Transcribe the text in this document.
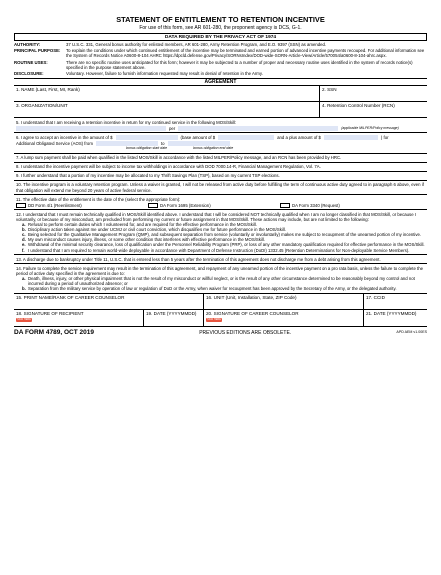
STATEMENT OF ENTITLEMENT TO RETENTION INCENTIVE
For use of this form, see AR 601-280, the proponent agency is DCS, G-1.
DATA REQUIRED BY THE PRIVACY ACT OF 1974
AUTHORITY:	37 U.S.C. 331, General bonus authority for enlisted members, AR 601-280, Army Retention Program, and E.O. 9397 (SSN) as amended.
PRINCIPAL PURPOSE:	To explain the conditions under which continued entitlement of the incentive may be terminated and earned portion of advanced incentive payments recouped. For additional information see the System of Records Notice A0600-8-104 AHRC https://dpcld.defense.gov/Privacy/SORNsIndex/DOD-wide-SORN-Article-View/Article/570054/a0600-8-104-ahrc.aspx.
ROUTINE USES:	There are no specific routine uses anticipated for this form; however it may be subjected to a number of proper and necessary routine uses identified in the system of records notice(s) specified in the purpose statement above.
DISCLOSURE:	Voluntary. However, failure to furnish information requested may result in denial of retention in the Army.
AGREEMENT
1. NAME (Last, First, MI, Rank)	2. SSN
3. ORGANIZATION/UNIT	4. Retention Control Number (RCN)
5. I understand that I am receiving a retention incentive in return for my continued service in the following MOS/Skill:
per	(applicable MILPER/Policy message)
6. I agree to accept an incentive in the amount of $	(base amount of $	and a plus amount of $	) for
Additional Obligated Service (AOS) from	to
bonus obligation start date	bonus obligation end date
7. A lump sum payment shall be paid when qualified in the listed MOS/Skill in accordance with the listed MILPER/Policy message, and an RCN has been provided by HRC.
8. I understand the incentive payment will be subject to income tax withholdings in accordance with DOD 7000.14-R, Financial Management Regulation, Vol. 7A.
9. I further understand that a portion of my incentive may be allocated to my Thrift Savings Plan (TSP), based on my current TSP elections.
10. The incentive program is a voluntary retention program. Unless a waiver is granted, I will not be released from active duty before fulfilling the term of continuous active duty agreed to in paragraph 6 above, even if that obligation will extend me beyond 20 years of active federal service.
11. The effective date of the entitlement is the date of the (select the appropriate form):
DD Form 4/1 (Reenlistment)	DA Form 1695 (Extension)	DA Form 3340 (Request)
12. I understand that I must remain technically qualified in MOS/Skill identified above. I understand that I will be considered NOT technically qualified when I am no longer classified in that MOS/Skill, or because I voluntarily, or because of my misconduct, am precluded from performing my current or future assignment in that MOS/Skill. These actions may include, but are not limited to the following:
a. Refusal to perform certain duties which I volunteered for, and are required for the effective performance in the MOS/Skill.
b. Disciplinary action taken against me under UCMJ or civil court conviction, which disqualifies me for future performance in the MOS/Skill.
c. Being selected for the Qualitative Management Program (QMP), and subsequent separation from service (voluntarily or involuntarily) makes me subject to recoupment of the unearned portion of my incentive.
d. My own misconduct causes injury, illness, or some other condition that interferes with effective performance in the MOS/Skill.
e. Withdrawal of the minimal security clearance, loss of qualification under the Personnel Reliability Program (PRP), or loss of any other mandatory qualification required for effective performance in the MOS/Skill.
f. I understand that I am required to remain world-wide deployable in accordance with Department of Defense Instruction (DoDI) 1332.45 (Retention Determinations for Non-deployable Service Members).
13. A discharge due to bankruptcy under Title 11, U.S.C. that is entered less than 5 years after the termination of this agreement does not discharge me from a debt arising from this agreement.
14. Failure to complete the service requirement may result in the termination of this agreement, and repayment of any unearned portion of the incentive payment on a pro rata basis, unless the failure to complete the period of active duty specified in the agreement is due to:
a. Death, illness, injury, or other physical impairment that is not the result of my misconduct or willful neglect, or is the result of any other circumstance determined to be reasonably beyond my control and not incurred during a period of unauthorized absence; or
b. Separation from the military service by operation of law or regulation of DoD or the Army, when waiver for recoupment has been approved by the Secretary of the Army, or the delegated authority.
15. PRINT NAME/RANK OF CAREER COUNSELOR	16. UNIT (Unit, Installation, State, ZIP Code)	17. CCID
18. SIGNATURE OF RECIPIENT
SIGN HERE
19. DATE (YYYYMMDD)	20. SIGNATURE OF CAREER COUNSELOR
SIGN HERE
21. DATE (YYYYMMDD)
DA FORM 4789, OCT 2019	PREVIOUS EDITIONS ARE OBSOLETE.	APD AEM v1.00ES
